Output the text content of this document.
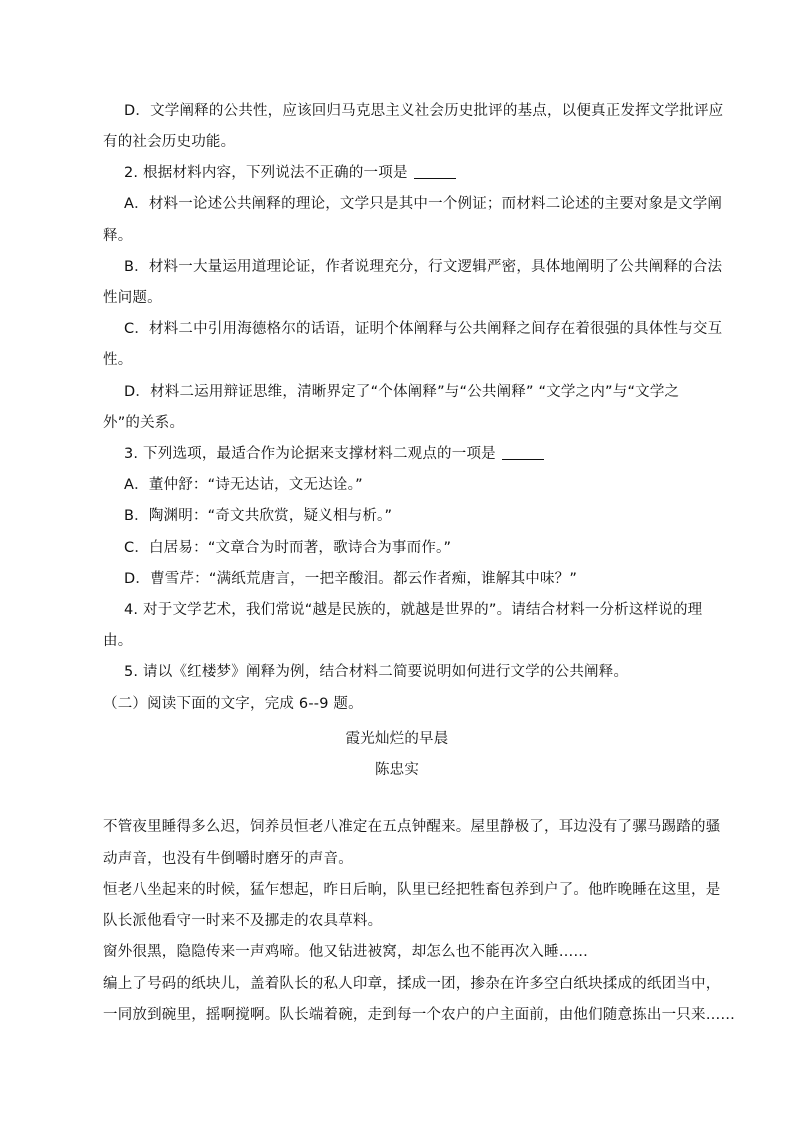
D．文学阐释的公共性，应该回归马克思主义社会历史批评的基点，以便真正发挥文学批评应
有的社会历史功能。
2. 根据材料内容，下列说法不正确的一项是
A．材料一论述公共阐释的理论，文学只是其中一个例证；而材料二论述的主要对象是文学阐
释。
B．材料一大量运用道理论证，作者说理充分，行文逻辑严密，具体地阐明了公共阐释的合法
性问题。
C．材料二中引用海德格尔的话语，证明个体阐释与公共阐释之间存在着很强的具体性与交互
性。
D．材料二运用辩证思维，清晰界定了“个体阐释”与“公共阐释” “文学之内”与“文学之
外”的关系。
3. 下列选项，最适合作为论据来支撑材料二观点的一项是
A．董仲舒：“诗无达诂，文无达诠。”
B．陶渊明：“奇文共欣赏，疑义相与析。”
C．白居易：“文章合为时而著，歌诗合为事而作。”
D．曹雪芹：“满纸荒唐言，一把辛酸泪。都云作者痴，谁解其中味？”
4. 对于文学艺术，我们常说“越是民族的，就越是世界的”。请结合材料一分析这样说的理
由。
5. 请以《红楼梦》阐释为例，结合材料二简要说明如何进行文学的公共阐释。
（二）阅读下面的文字，完成 6--9 题。
霞光灿烂的早晨
陈忠实
不管夜里睡得多么迟，饲养员恒老八准定在五点钟醒来。屋里静极了，耳边没有了骡马踢踏的骚
动声音，也没有牛倒嚼时磨牙的声音。
恒老八坐起来的时候，猛乍想起，昨日后晌，队里已经把牲畜包养到户了。他昨晚睡在这里，是
队长派他看守一时来不及挪走的农具草料。
窗外很黑，隐隐传来一声鸡啼。他又钻进被窝，却怎么也不能再次入睡……
编上了号码的纸块儿，盖着队长的私人印章，揉成一团，掺杂在许多空白纸块揉成的纸团当中，
一同放到碗里，摇啊搅啊。队长端着碗，走到每一个农户的户主面前，由他们随意拣出一只来……
